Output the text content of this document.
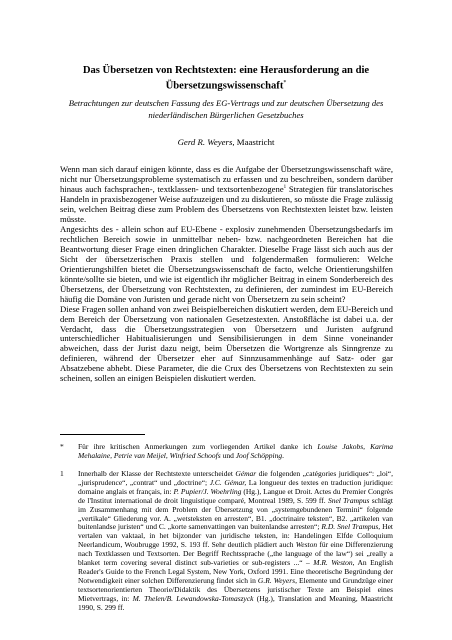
Das Übersetzen von Rechtstexten: eine Herausforderung an die Übersetzungswissenschaft*
Betrachtungen zur deutschen Fassung des EG-Vertrags und zur deutschen Übersetzung des niederländischen Bürgerlichen Gesetzbuches
Gerd R. Weyers, Maastricht

Wenn man sich darauf einigen könnte, dass es die Aufgabe der Übersetzungswissenschaft wäre, nicht nur Übersetzungsprobleme systematisch zu erfassen und zu beschreiben, sondern darüber hinaus auch fachsprachen-, textklassen- und textsortenbezogene$^1$ Strategien für translatorisches Handeln in praxisbezogener Weise aufzuzeigen und zu diskutieren, so müsste die Frage zulässig sein, welchen Beitrag diese zum Problem des Übersetzens von Rechtstexten leistet bzw. leisten müsste.

Angesichts des - allein schon auf EU-Ebene - explosiv zunehmenden Übersetzungsbedarfs im rechtlichen Bereich sowie in unmittelbar neben- bzw. nachgeordneten Bereichen hat die Beantwortung dieser Frage einen dringlichen Charakter. Dieselbe Frage lässt sich auch aus der Sicht der übersetzerischen Praxis stellen und folgendermaßen formulieren: Welche Orientierungshilfen bietet die Übersetzungswissenschaft de facto, welche Orientierungshilfen könnte/sollte sie bieten, und wie ist eigentlich ihr möglicher Beitrag in einem Sonderbereich des Übersetzens, der Übersetzung von Rechtstexten, zu definieren, der zumindest im EU-Bereich häufig die Domäne von Juristen und gerade nicht von Übersetzern zu sein scheint?

Diese Fragen sollen anhand von zwei Beispielbereichen diskutiert werden, dem EU-Bereich und dem Bereich der Übersetzung von nationalen Gesetzestexten. Anstoßfläche ist dabei u.a. der Verdacht, dass die Übersetzungsstrategien von Übersetzern und Juristen aufgrund unterschiedlicher Habitualisierungen und Sensibilisierungen in dem Sinne voneinander abweichen, dass der Jurist dazu neigt, beim Übersetzen die Wortgrenze als Sinngrenze zu definieren, während der Übersetzer eher auf Sinnzusammenhänge auf Satz- oder gar Absatzebene abhebt. Diese Parameter, die die Crux des Übersetzens von Rechtstexten zu sein scheinen, sollen an einigen Beispielen diskutiert werden.

*	Für ihre kritischen Anmerkungen zum vorliegenden Artikel danke ich Louise Jakobs, Karima Mehalaine, Petrie van Meijel, Winfried Schoofs und Joof Schöpping.
1	Innerhalb der Klasse der Rechtstexte unterscheidet Gémar die folgenden „catégories juridiques“: „loi“, „jurisprudence“, „contrat“ und „doctrine“; J.C. Gémar, La longueur des textes en traduction juridique: domaine anglais et français, in: P. Pupier/J. Woehrling (Hg.), Langue et Droit. Actes du Premier Congrès de l'Institut international de droit linguistique comparé, Montreal 1989, S. 599 ff. Snel Trampus schlägt im Zusammenhang mit dem Problem der Übersetzung von „systemgebundenen Termini“ folgende „vertikale“ Gliederung vor. A. „wetsteksten en arresten“, B1. „doctrinaire teksten“, B2. „artikelen van buitenlandse juristen“ und C. „korte samenvattingen van buitenlandse arresten“; R.D. Snel Trampus, Het vertalen van vaktaal, in het bijzonder van juridische teksten, in: Handelingen Elfde Colloquium Neerlandicum, Woubrugge 1992, S. 193 ff. Sehr deutlich plädiert auch Weston für eine Differenzierung nach Textklassen und Textsorten. Der Begriff Rechtssprache („the language of the law“) sei „really a blanket term covering several distinct sub-varieties or sub-registers ...“ – M.R. Weston, An English Reader's Guide to the French Legal System, New York, Oxford 1991. Eine theoretische Begründung der Notwendigkeit einer solchen Differenzierung findet sich in G.R. Weyers, Elemente und Grundzüge einer textsortenorientierten Theorie/Didaktik des Übersetzens juristischer Texte am Beispiel eines Mietvertrags, in: M. Thelen/B. Lewandowska-Tomaszyck (Hg.), Translation and Meaning, Maastricht 1990, S. 299 ff.
